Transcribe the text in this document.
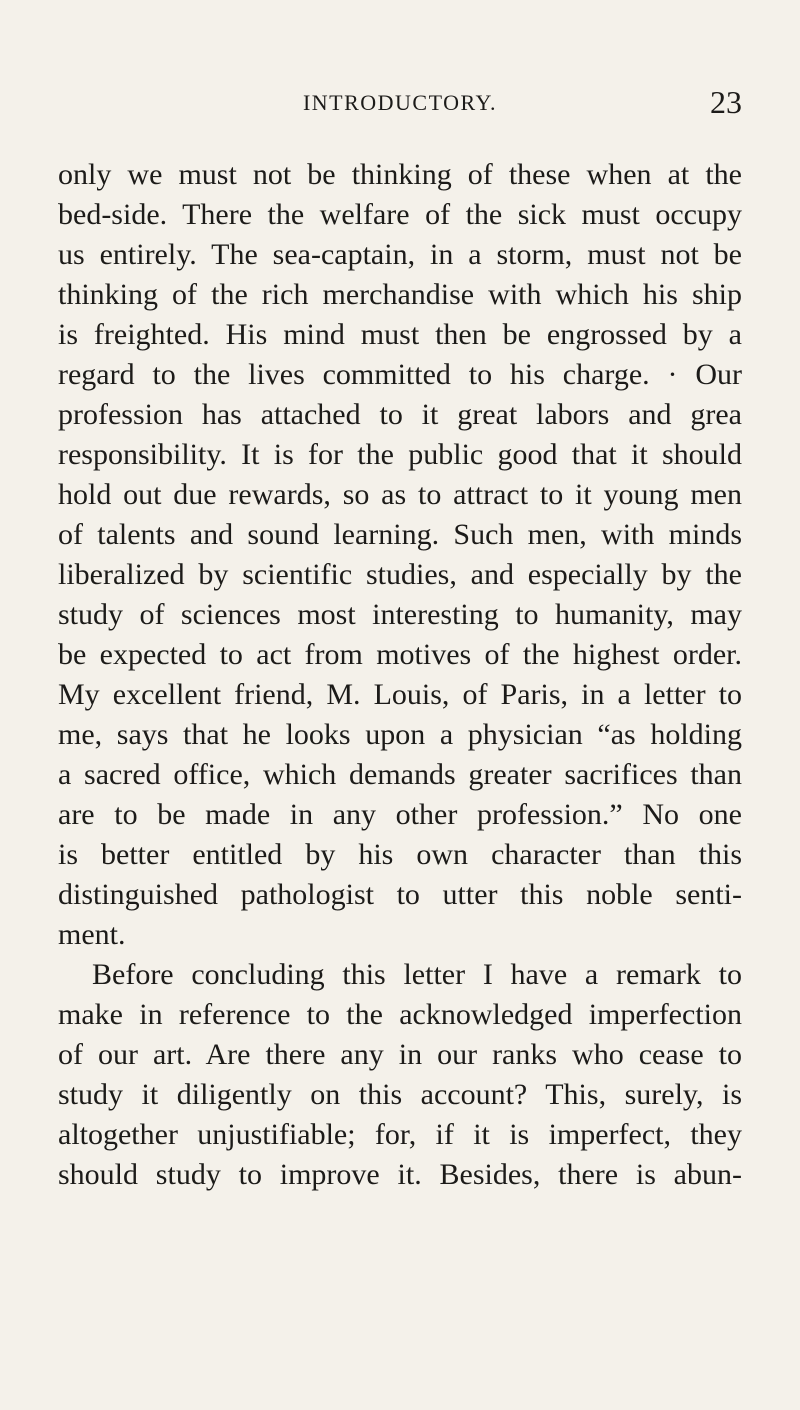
INTRODUCTORY.	23
only we must not be thinking of these when at the
bed-side. There the welfare of the sick must occupy
us entirely. The sea-captain, in a storm, must not be
thinking of the rich merchandise with which his ship
is freighted. His mind must then be engrossed by a
regard to the lives committed to his charge. · Our
profession has attached to it great labors and grea
responsibility. It is for the public good that it should
hold out due rewards, so as to attract to it young men
of talents and sound learning. Such men, with minds
liberalized by scientific studies, and especially by the
study of sciences most interesting to humanity, may
be expected to act from motives of the highest order.
My excellent friend, M. Louis, of Paris, in a letter to
me, says that he looks upon a physician “as holding
a sacred office, which demands greater sacrifices than
are to be made in any other profession.” No one
is better entitled by his own character than this
distinguished pathologist to utter this noble senti-
ment.
Before concluding this letter I have a remark to
make in reference to the acknowledged imperfection
of our art. Are there any in our ranks who cease to
study it diligently on this account? This, surely, is
altogether unjustifiable; for, if it is imperfect, they
should study to improve it. Besides, there is abun-
